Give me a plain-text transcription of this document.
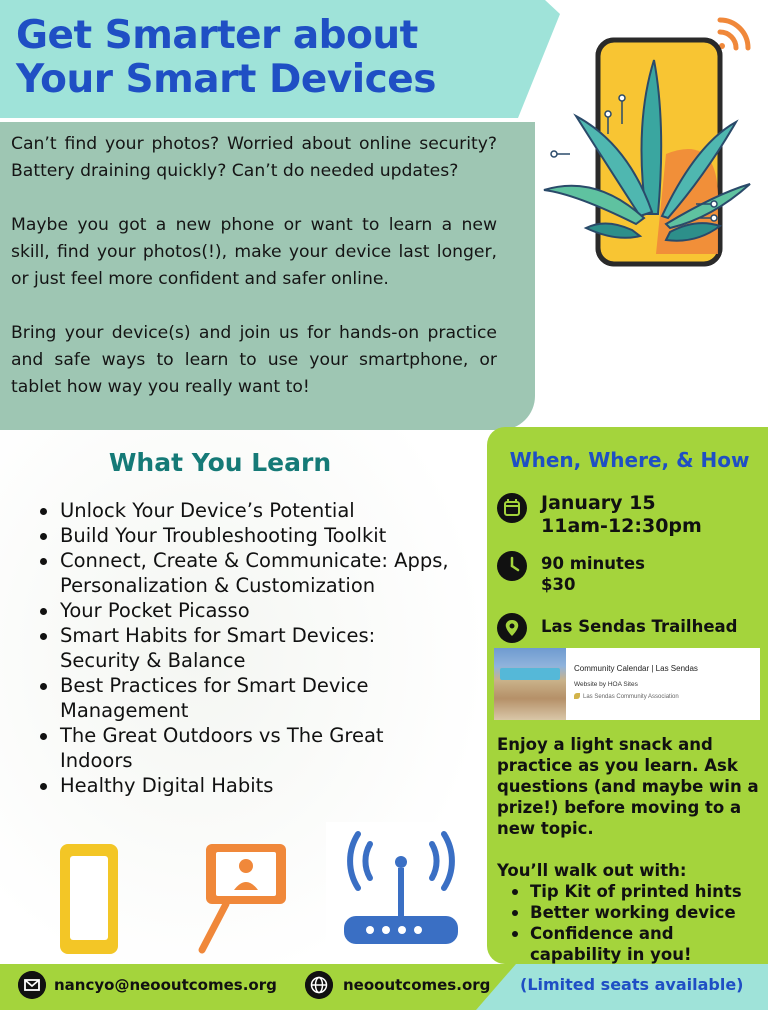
Get Smarter about
Your Smart Devices

Can’t find your photos? Worried about online security? Battery draining quickly? Can’t do needed updates?

Maybe you got a new phone or want to learn a new skill, find your photos(!), make your device last longer, or just feel more confident and safer online.

Bring your device(s) and join us for hands-on practice and safe ways to learn to use your smartphone, or tablet how way you really want to!

What You Learn
Unlock Your Device’s Potential
Build Your Troubleshooting Toolkit
Connect, Create & Communicate: Apps, Personalization & Customization
Your Pocket Picasso
Smart Habits for Smart Devices: Security & Balance
Best Practices for Smart Device Management
The Great Outdoors vs The Great Indoors
Healthy Digital Habits
When, Where, & How
January 15
11am-12:30pm
90 minutes
$30
Las Sendas Trailhead
Community Calendar | Las Sendas
Website by HOA Sites
Las Sendas Community Association

Enjoy a light snack and practice as you learn. Ask questions (and maybe win a prize!) before moving to a new topic.

You’ll walk out with:
Tip Kit of printed hints
Better working device
Confidence and capability in you!
nancyo@neooutcomes.org	neooutcomes.org (Limited seats available)
